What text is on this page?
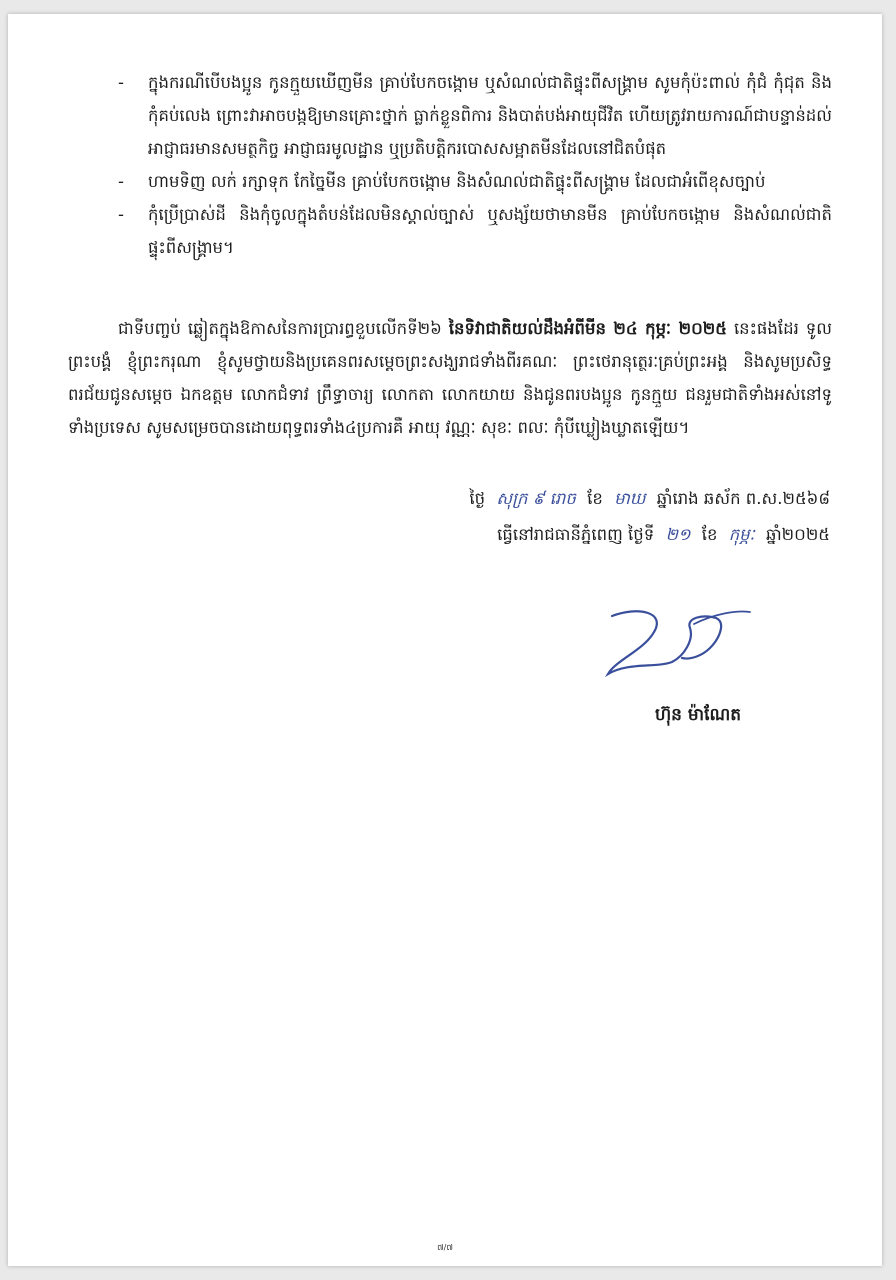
- ក្នុងករណីបើបងប្អូន កូនក្មួយឃើញមីន គ្រាប់បែកចង្កោម ឬសំណល់ជាតិផ្ទុះពីសង្គ្រាម សូមកុំប៉ះពាល់ កុំជំ កុំជុត និងកុំគប់លេង ព្រោះវាអាចបង្កឱ្យមានគ្រោះថ្នាក់ ធ្លាក់ខ្លួនពិការ និងបាត់បង់អាយុជីវិត ហើយត្រូវរាយការណ៍ជាបន្ទាន់ដល់អាជ្ញាធរមានសមត្ថកិច្ច អាជ្ញាធរមូលដ្ឋាន ឬប្រតិបត្តិករបោសសម្អាតមីនដែលនៅជិតបំផុត
- ហាមទិញ លក់ រក្សាទុក កែច្នៃមីន គ្រាប់បែកចង្កោម និងសំណល់ជាតិផ្ទុះពីសង្គ្រាម ដែលជាអំពើខុសច្បាប់
- កុំប្រើប្រាស់ដី និងកុំចូលក្នុងតំបន់ដែលមិនស្គាល់ច្បាស់ ឬសង្ស័យថាមានមីន គ្រាប់បែកចង្កោម និងសំណល់ជាតិផ្ទុះពីសង្គ្រាម។

ជាទីបញ្ចប់ ឆ្លៀតក្នុងឱកាសនៃការប្រារព្ធខួបលើកទី២៦ នៃទិវាជាតិយល់ដឹងអំពីមីន ២៤ កុម្ភៈ ២០២៥ នេះផងដែរ ទូលព្រះបង្គំ ខ្ញុំព្រះករុណា ខ្ញុំសូមថ្វាយនិងប្រគេនពរសម្តេចព្រះសង្ឃរាជទាំងពីរគណៈ ព្រះថេរានុត្ថេរៈគ្រប់ព្រះអង្គ និងសូមប្រសិទ្ធពរជ័យជូនសម្តេច ឯកឧត្តម លោកជំទាវ ព្រឹទ្ធាចារ្យ លោកតា លោកយាយ និងជូនពរបងប្អូន កូនក្មួយ ជនរួមជាតិទាំងអស់នៅទូទាំងប្រទេស សូមសម្រេចបានដោយពុទ្ធពរទាំង៤ប្រការគឺ អាយុ វណ្ណៈ សុខៈ ពលៈ កុំបីឃ្លៀងឃ្លាតឡើយ។

ថ្ងៃ សុក្រ ៩ រោច ខែ មាឃ ឆ្នាំរោង ឆស័ក ព.ស.២៥៦៨
ធ្វើនៅរាជធានីភ្នំពេញ ថ្ងៃទី ២១ ខែ កុម្ភៈ ឆ្នាំ២០២៥
ហ៊ុន ម៉ាណែត
៧/៧
